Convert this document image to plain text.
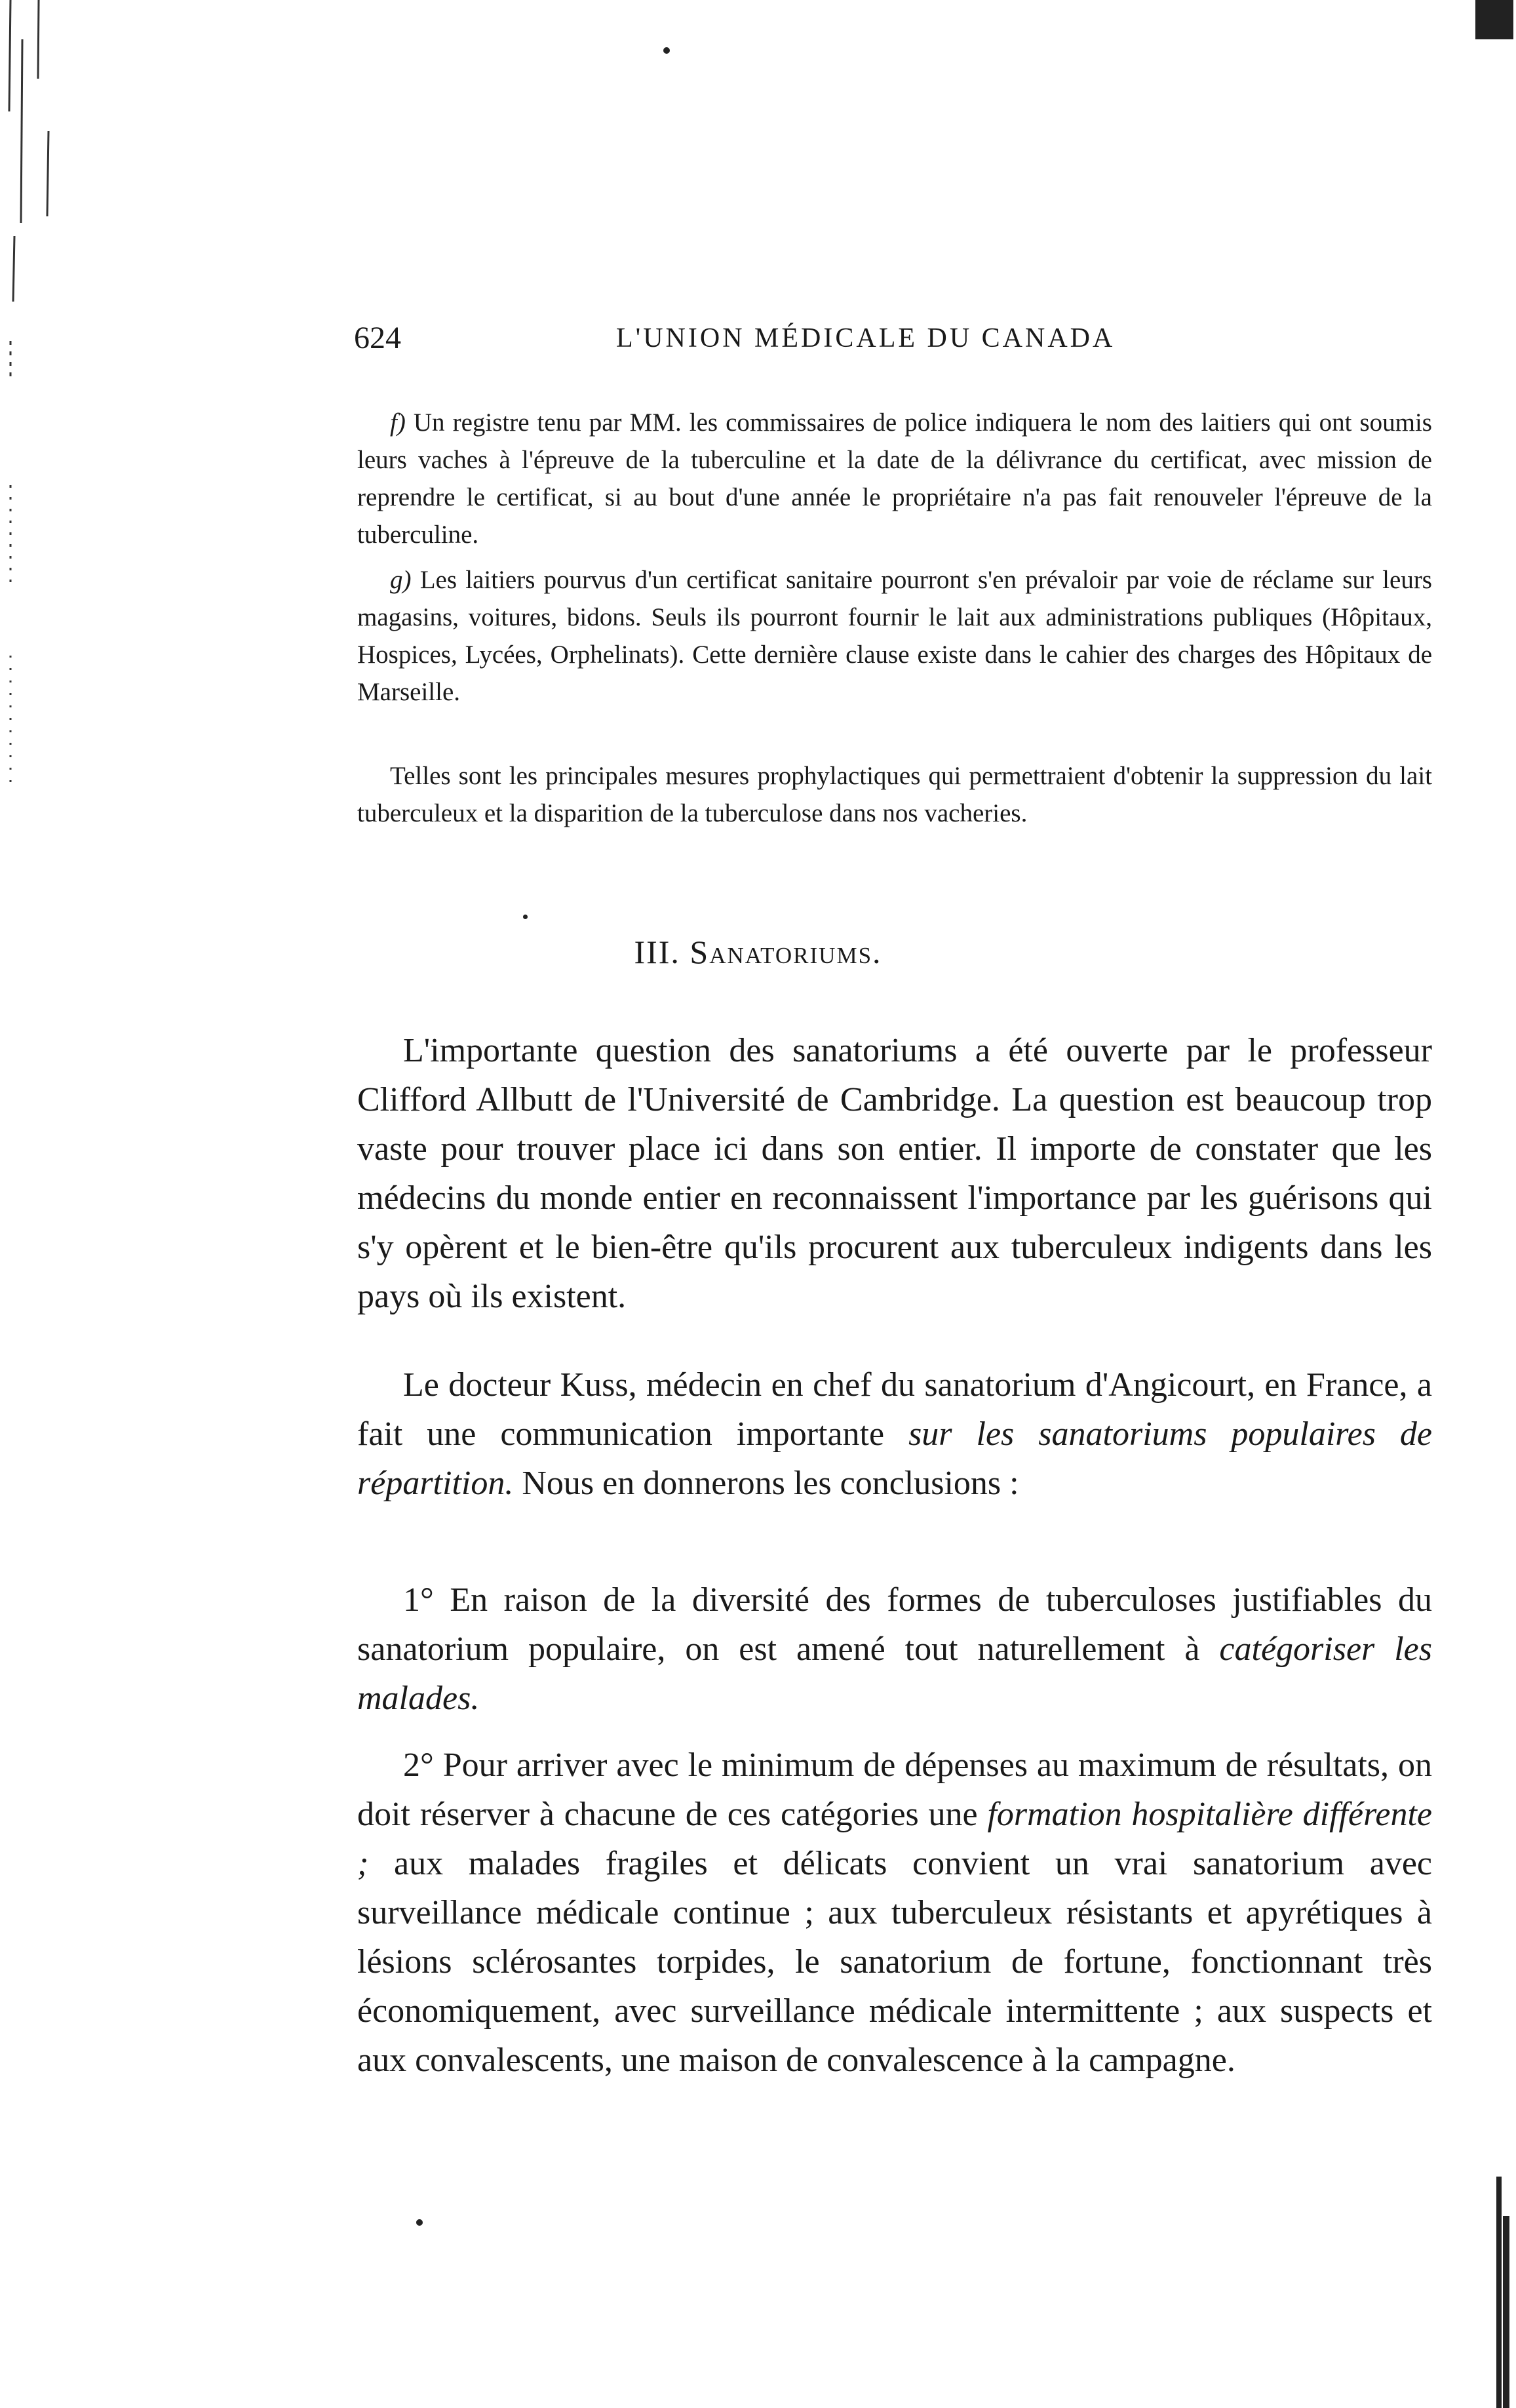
624	L'UNION MÉDICALE DU CANADA

f) Un registre tenu par MM. les commissaires de police indiquera le nom des laitiers qui ont soumis leurs vaches à l'épreuve de la tuberculine et la date de la délivrance du certificat, avec mission de reprendre le certificat, si au bout d'une année le propriétaire n'a pas fait renouveler l'épreuve de la tuberculine.

g) Les laitiers pourvus d'un certificat sanitaire pourront s'en prévaloir par voie de réclame sur leurs magasins, voitures, bidons. Seuls ils pourront fournir le lait aux administrations publiques (Hôpitaux, Hospices, Lycées, Orphelinats). Cette dernière clause existe dans le cahier des charges des Hôpitaux de Marseille.

Telles sont les principales mesures prophylactiques qui permettraient d'obtenir la suppression du lait tuberculeux et la disparition de la tuberculose dans nos vacheries.

III. Sanatoriums.

L'importante question des sanatoriums a été ouverte par le professeur Clifford Allbutt de l'Université de Cambridge. La question est beaucoup trop vaste pour trouver place ici dans son entier. Il importe de constater que les médecins du monde entier en reconnaissent l'importance par les guérisons qui s'y opèrent et le bien-être qu'ils procurent aux tuberculeux indigents dans les pays où ils existent.

Le docteur Kuss, médecin en chef du sanatorium d'Angicourt, en France, a fait une communication importante sur les sanatoriums populaires de répartition. Nous en donnerons les conclusions :

1° En raison de la diversité des formes de tuberculoses justifiables du sanatorium populaire, on est amené tout naturellement à catégoriser les malades.

2° Pour arriver avec le minimum de dépenses au maximum de résultats, on doit réserver à chacune de ces catégories une formation hospitalière différente ; aux malades fragiles et délicats convient un vrai sanatorium avec surveillance médicale continue ; aux tuberculeux résistants et apyrétiques à lésions sclérosantes torpides, le sanatorium de fortune, fonctionnant très économiquement, avec surveillance médicale intermittente ; aux suspects et aux convalescents, une maison de convalescence à la campagne.
